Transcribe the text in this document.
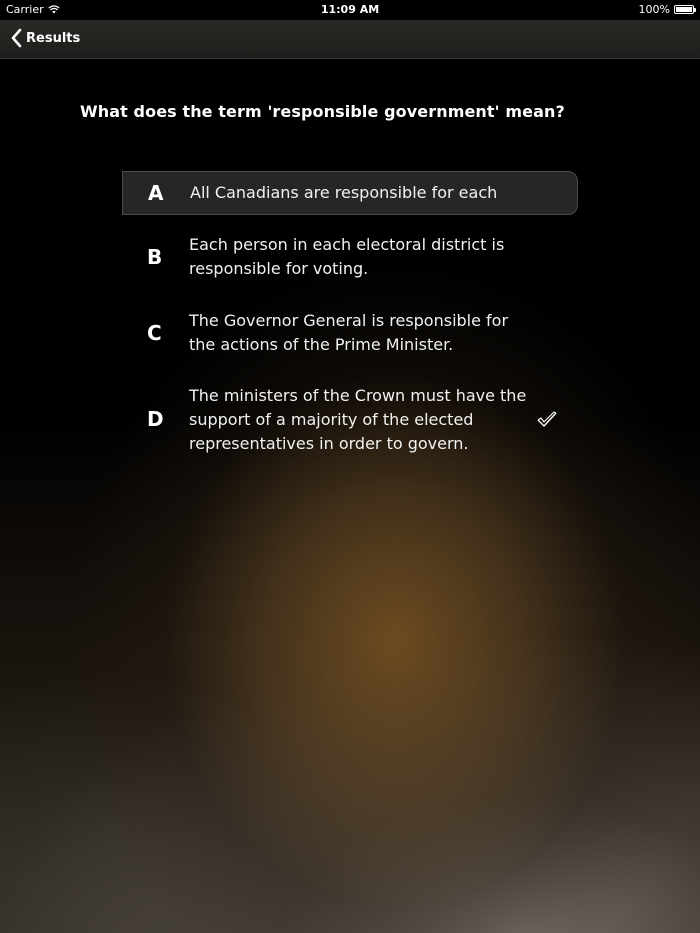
Carrier	11:09 AM	100%
Results
What does the term 'responsible government' mean?
A All Canadians are responsible for each
B
Each person in each electoral district is responsible for voting.
C
The Governor General is responsible for the actions of the Prime Minister.
D
The ministers of the Crown must have the support of a majority of the elected representatives in order to govern.
